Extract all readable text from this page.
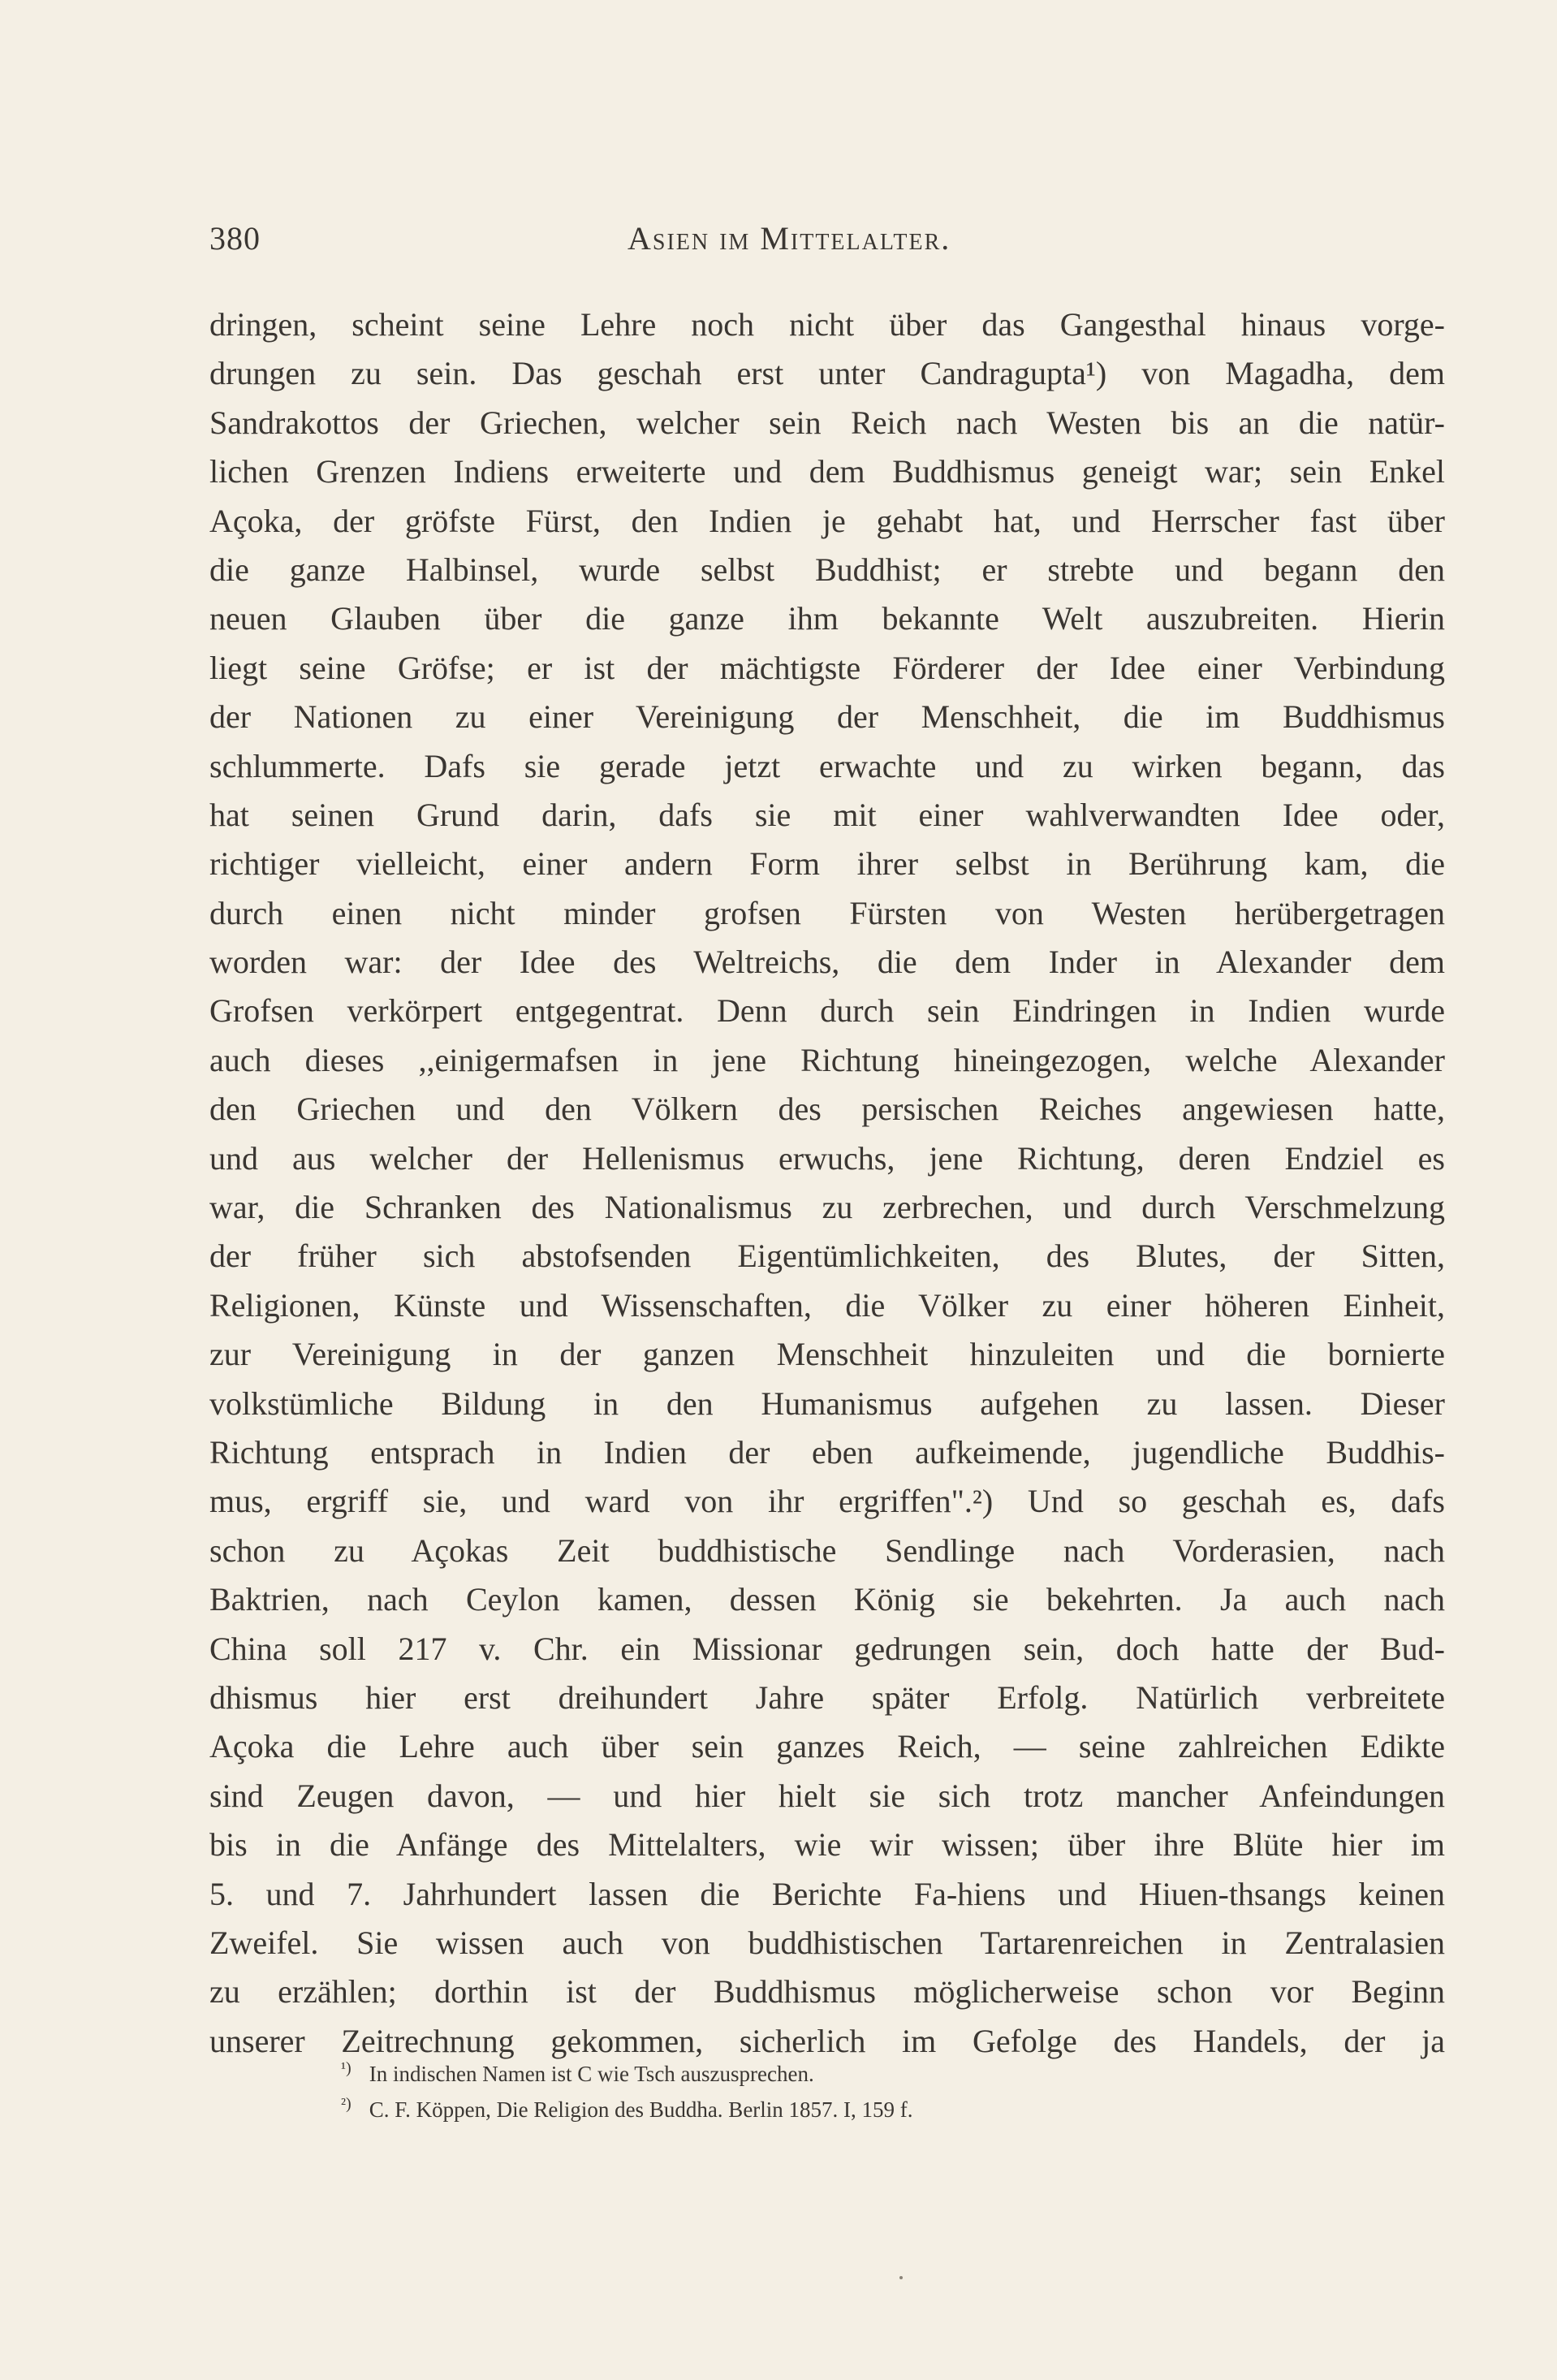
380	Asien im Mittelalter.
dringen, scheint seine Lehre noch nicht über das Gangesthal hinaus vorge-
drungen zu sein. Das geschah erst unter Candragupta¹) von Magadha, dem
Sandrakottos der Griechen, welcher sein Reich nach Westen bis an die natür-
lichen Grenzen Indiens erweiterte und dem Buddhismus geneigt war; sein Enkel
Açoka, der gröfste Fürst, den Indien je gehabt hat, und Herrscher fast über
die ganze Halbinsel, wurde selbst Buddhist; er strebte und begann den
neuen Glauben über die ganze ihm bekannte Welt auszubreiten. Hierin
liegt seine Gröfse; er ist der mächtigste Förderer der Idee einer Verbindung
der Nationen zu einer Vereinigung der Menschheit, die im Buddhismus
schlummerte. Dafs sie gerade jetzt erwachte und zu wirken begann, das
hat seinen Grund darin, dafs sie mit einer wahlverwandten Idee oder,
richtiger vielleicht, einer andern Form ihrer selbst in Berührung kam, die
durch einen nicht minder grofsen Fürsten von Westen herübergetragen
worden war: der Idee des Weltreichs, die dem Inder in Alexander dem
Grofsen verkörpert entgegentrat. Denn durch sein Eindringen in Indien wurde
auch dieses ,,einigermafsen in jene Richtung hineingezogen, welche Alexander
den Griechen und den Völkern des persischen Reiches angewiesen hatte,
und aus welcher der Hellenismus erwuchs, jene Richtung, deren Endziel es
war, die Schranken des Nationalismus zu zerbrechen, und durch Verschmelzung
der früher sich abstofsenden Eigentümlichkeiten, des Blutes, der Sitten,
Religionen, Künste und Wissenschaften, die Völker zu einer höheren Einheit,
zur Vereinigung in der ganzen Menschheit hinzuleiten und die bornierte
volkstümliche Bildung in den Humanismus aufgehen zu lassen. Dieser
Richtung entsprach in Indien der eben aufkeimende, jugendliche Buddhis-
mus, ergriff sie, und ward von ihr ergriffen".²) Und so geschah es, dafs
schon zu Açokas Zeit buddhistische Sendlinge nach Vorderasien, nach
Baktrien, nach Ceylon kamen, dessen König sie bekehrten. Ja auch nach
China soll 217 v. Chr. ein Missionar gedrungen sein, doch hatte der Bud-
dhismus hier erst dreihundert Jahre später Erfolg. Natürlich verbreitete
Açoka die Lehre auch über sein ganzes Reich, — seine zahlreichen Edikte
sind Zeugen davon, — und hier hielt sie sich trotz mancher Anfeindungen
bis in die Anfänge des Mittelalters, wie wir wissen; über ihre Blüte hier im
5. und 7. Jahrhundert lassen die Berichte Fa-hiens und Hiuen-thsangs keinen
Zweifel. Sie wissen auch von buddhistischen Tartarenreichen in Zentralasien
zu erzählen; dorthin ist der Buddhismus möglicherweise schon vor Beginn
unserer Zeitrechnung gekommen, sicherlich im Gefolge des Handels, der ja
¹) In indischen Namen ist C wie Tsch auszusprechen.
²) C. F. Köppen, Die Religion des Buddha. Berlin 1857. I, 159 f.
